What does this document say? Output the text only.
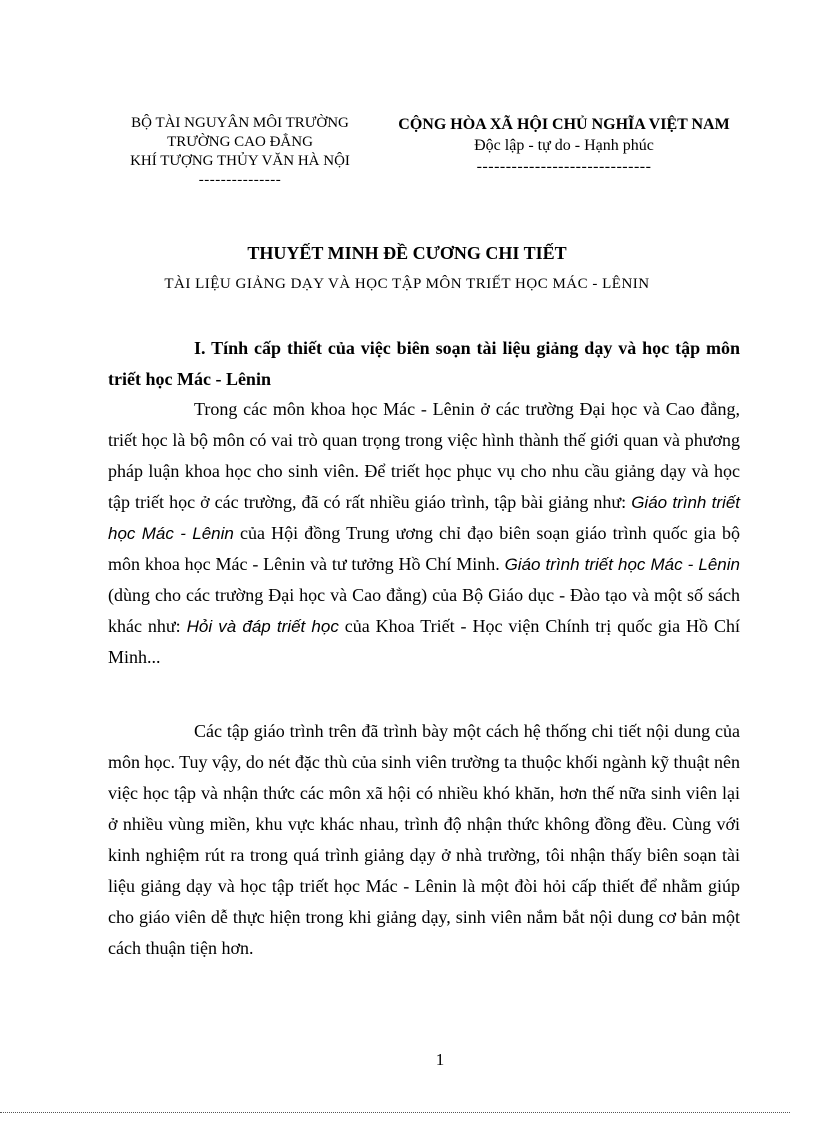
BỘ TÀI NGUYÂN MÔI TRƯỜNG
TRƯỜNG CAO ĐẲNG
KHÍ TƯỢNG THỦY VĂN HÀ NỘI
---------------
CỘNG HÒA XÃ HỘI CHỦ NGHĨA VIỆT NAM
Độc lập - tự do - Hạnh phúc
------------------------------
THUYẾT MINH ĐỀ CƯƠNG CHI TIẾT
TÀI LIỆU GIẢNG DẠY VÀ HỌC TẬP MÔN TRIẾT HỌC MÁC - LÊNIN
I. Tính cấp thiết của việc biên soạn tài liệu giảng dạy và học tập môn triết học Mác - Lênin

Trong các môn khoa học Mác - Lênin ở các trường Đại học và Cao đẳng, triết học là bộ môn có vai trò quan trọng trong việc hình thành thế giới quan và phương pháp luận khoa học cho sinh viên. Để triết học phục vụ cho nhu cầu giảng dạy và học tập triết học ở các trường, đã có rất nhiều giáo trình, tập bài giảng như: Giáo trình triết học Mác - Lênin của Hội đồng Trung ương chỉ đạo biên soạn giáo trình quốc gia bộ môn khoa học Mác - Lênin và tư tưởng Hồ Chí Minh. Giáo trình triết học Mác - Lênin (dùng cho các trường Đại học và Cao đẳng) của Bộ Giáo dục - Đào tạo và một số sách khác như: Hỏi và đáp triết học của Khoa Triết - Học viện Chính trị quốc gia Hồ Chí Minh...

Các tập giáo trình trên đã trình bày một cách hệ thống chi tiết nội dung của môn học. Tuy vậy, do nét đặc thù của sinh viên trường ta thuộc khối ngành kỹ thuật nên việc học tập và nhận thức các môn xã hội có nhiều khó khăn, hơn thế nữa sinh viên lại ở nhiều vùng miền, khu vực khác nhau, trình độ nhận thức không đồng đều. Cùng với kinh nghiệm rút ra trong quá trình giảng dạy ở nhà trường, tôi nhận thấy biên soạn tài liệu giảng dạy và học tập triết học Mác - Lênin là một đòi hỏi cấp thiết để nhằm giúp cho giáo viên dễ thực hiện trong khi giảng dạy, sinh viên nắm bắt nội dung cơ bản một cách thuận tiện hơn.

1
